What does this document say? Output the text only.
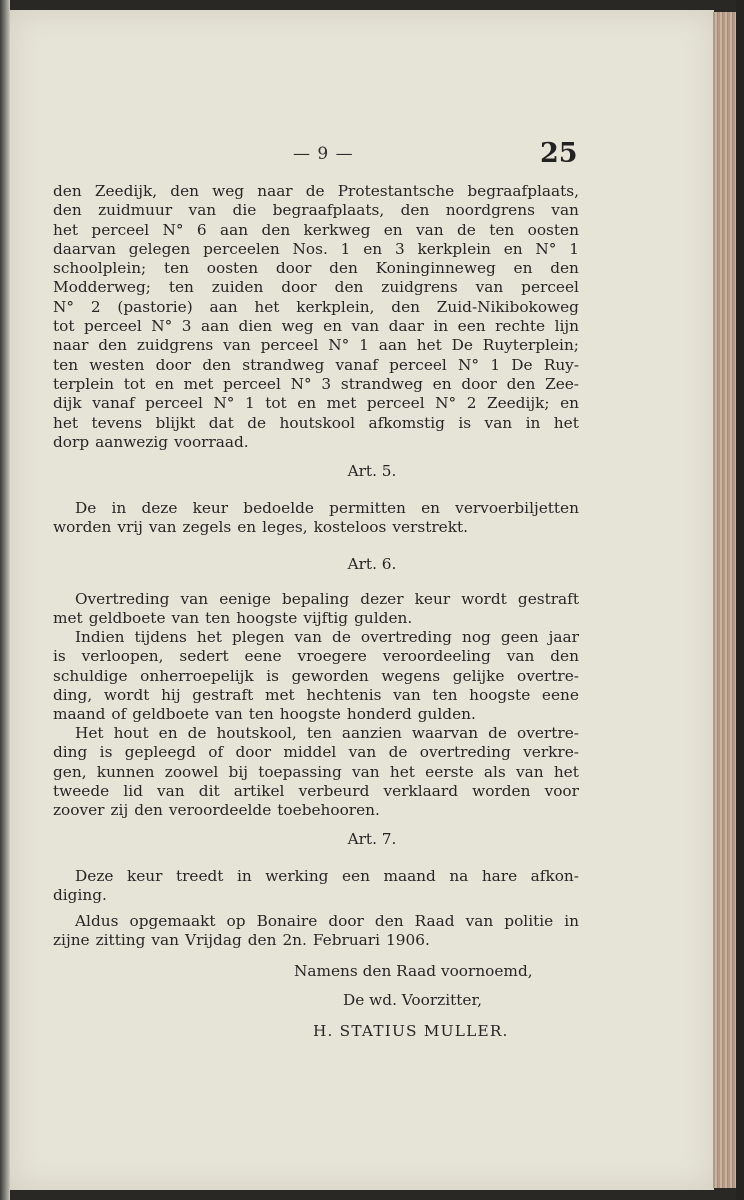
— 9 —	25
den Zeedijk, den weg naar de Protestantsche begraafplaats,
den zuidmuur van die begraafplaats, den noordgrens van
het perceel N° 6 aan den kerkweg en van de ten oosten
daarvan gelegen perceelen Nos. 1 en 3 kerkplein en N° 1
schoolplein; ten oosten door den Koninginneweg en den
Modderweg; ten zuiden door den zuidgrens van perceel
N° 2 (pastorie) aan het kerkplein, den Zuid-Nikibokoweg
tot perceel N° 3 aan dien weg en van daar in een rechte lijn
naar den zuidgrens van perceel N° 1 aan het De Ruyterplein;
ten westen door den strandweg vanaf perceel N° 1 De Ruy-
terplein tot en met perceel N° 3 strandweg en door den Zee-
dijk vanaf perceel N° 1 tot en met perceel N° 2 Zeedijk; en
het tevens blijkt dat de houtskool afkomstig is van in het
dorp aanwezig voorraad.
Art. 5.
De in deze keur bedoelde permitten en vervoerbiljetten
worden vrij van zegels en leges, kosteloos verstrekt.
Art. 6.
Overtreding van eenige bepaling dezer keur wordt gestraft
met geldboete van ten hoogste vijftig gulden.
Indien tijdens het plegen van de overtreding nog geen jaar
is verloopen, sedert eene vroegere veroordeeling van den
schuldige onherroepelijk is geworden wegens gelijke overtre-
ding, wordt hij gestraft met hechtenis van ten hoogste eene
maand of geldboete van ten hoogste honderd gulden.
Het hout en de houtskool, ten aanzien waarvan de overtre-
ding is gepleegd of door middel van de overtreding verkre-
gen, kunnen zoowel bij toepassing van het eerste als van het
tweede lid van dit artikel verbeurd verklaard worden voor
zoover zij den veroordeelde toebehooren.
Art. 7.
Deze keur treedt in werking een maand na hare afkon-
diging.
Aldus opgemaakt op Bonaire door den Raad van politie in
zijne zitting van Vrijdag den 2n. Februari 1906.
Namens den Raad voornoemd,
De wd. Voorzitter,
H. STATIUS MULLER.
